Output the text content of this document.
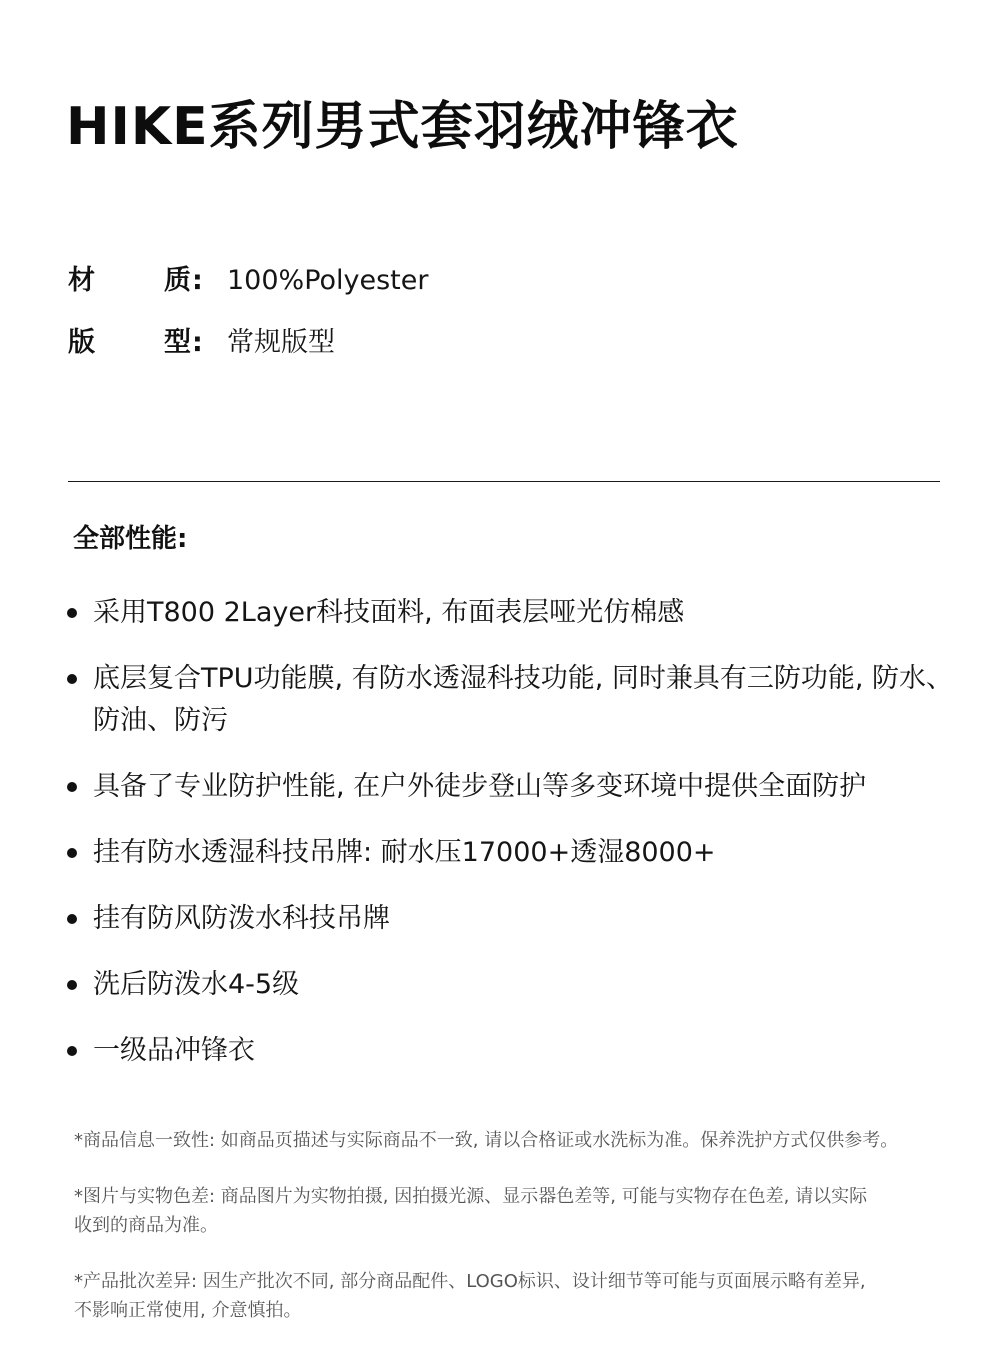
HIKE系列男式套羽绒冲锋衣
材	质 : 100%Polyester
版	型 : 常规版型
全部性能:
采用T800 2Layer科技面料, 布面表层哑光仿棉感
底层复合TPU功能膜, 有防水透湿科技功能, 同时兼具有三防功能, 防水、防油、防污
具备了专业防护性能, 在户外徒步登山等多变环境中提供全面防护
挂有防水透湿科技吊牌: 耐水压17000+透湿8000+
挂有防风防泼水科技吊牌
洗后防泼水4-5级
一级品冲锋衣

*商品信息一致性: 如商品页描述与实际商品不一致, 请以合格证或水洗标为准。保养洗护方式仅供参考。

*图片与实物色差: 商品图片为实物拍摄, 因拍摄光源、显示器色差等, 可能与实物存在色差, 请以实际
收到的商品为准。

*产品批次差异: 因生产批次不同, 部分商品配件、LOGO标识、设计细节等可能与页面展示略有差异,
不影响正常使用, 介意慎拍。
